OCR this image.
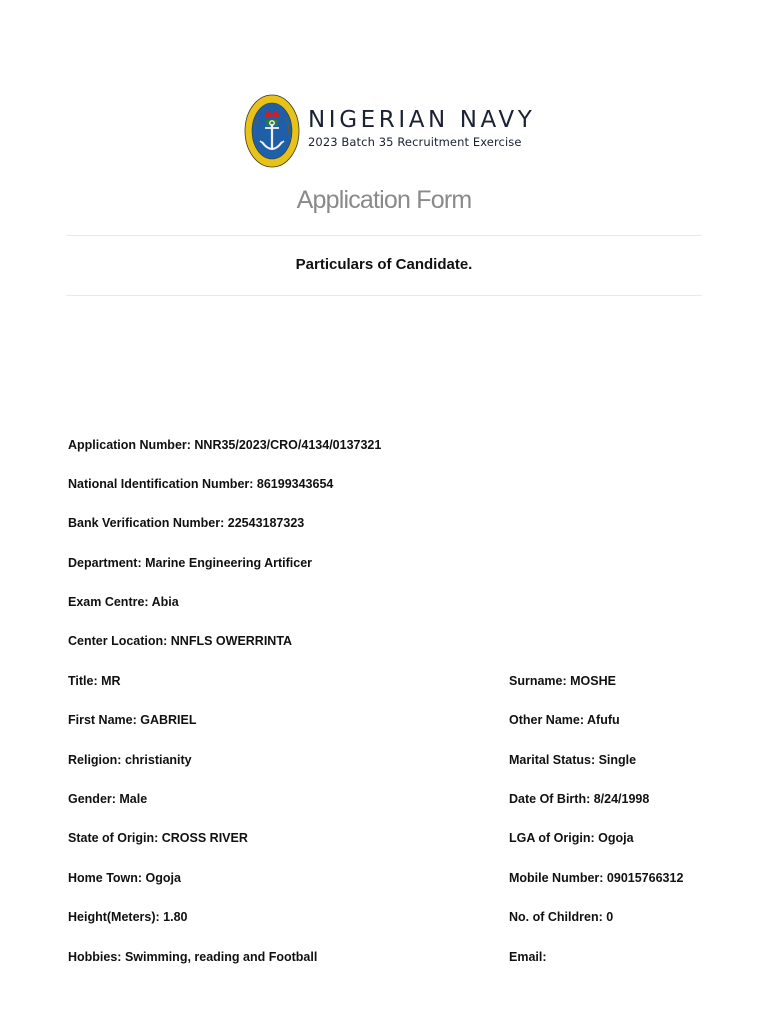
NIGERIAN NAVY
2023 Batch 35 Recruitment Exercise
Application Form
Particulars of Candidate.
Application Number: NNR35/2023/CRO/4134/0137321
National Identification Number: 86199343654
Bank Verification Number: 22543187323
Department: Marine Engineering Artificer
Exam Centre: Abia
Center Location: NNFLS OWERRINTA
Title: MR	Surname: MOSHE
First Name: GABRIEL	Other Name: Afufu
Religion: christianity	Marital Status: Single
Gender: Male	Date Of Birth: 8/24/1998
State of Origin: CROSS RIVER	LGA of Origin: Ogoja
Home Town: Ogoja	Mobile Number: 09015766312
Height(Meters): 1.80	No. of Children: 0
Hobbies: Swimming, reading and Football	Email:
